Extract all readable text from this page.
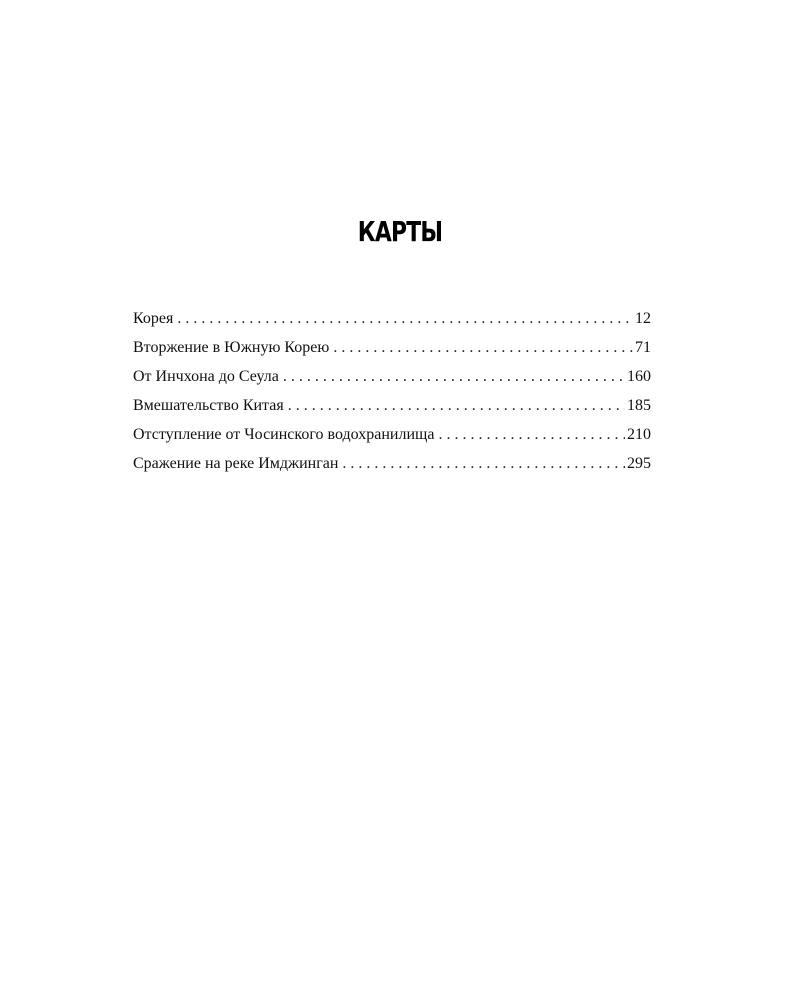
КАРТЫ
Корея . . .	12
Вторжение в Южную Корею . . .	71
От Инчхона до Сеула . . .	160
Вмешательство Китая . . .	185
Отступление от Чосинского водохранилища . . .	210
Сражение на реке Имджинган . . .	295
